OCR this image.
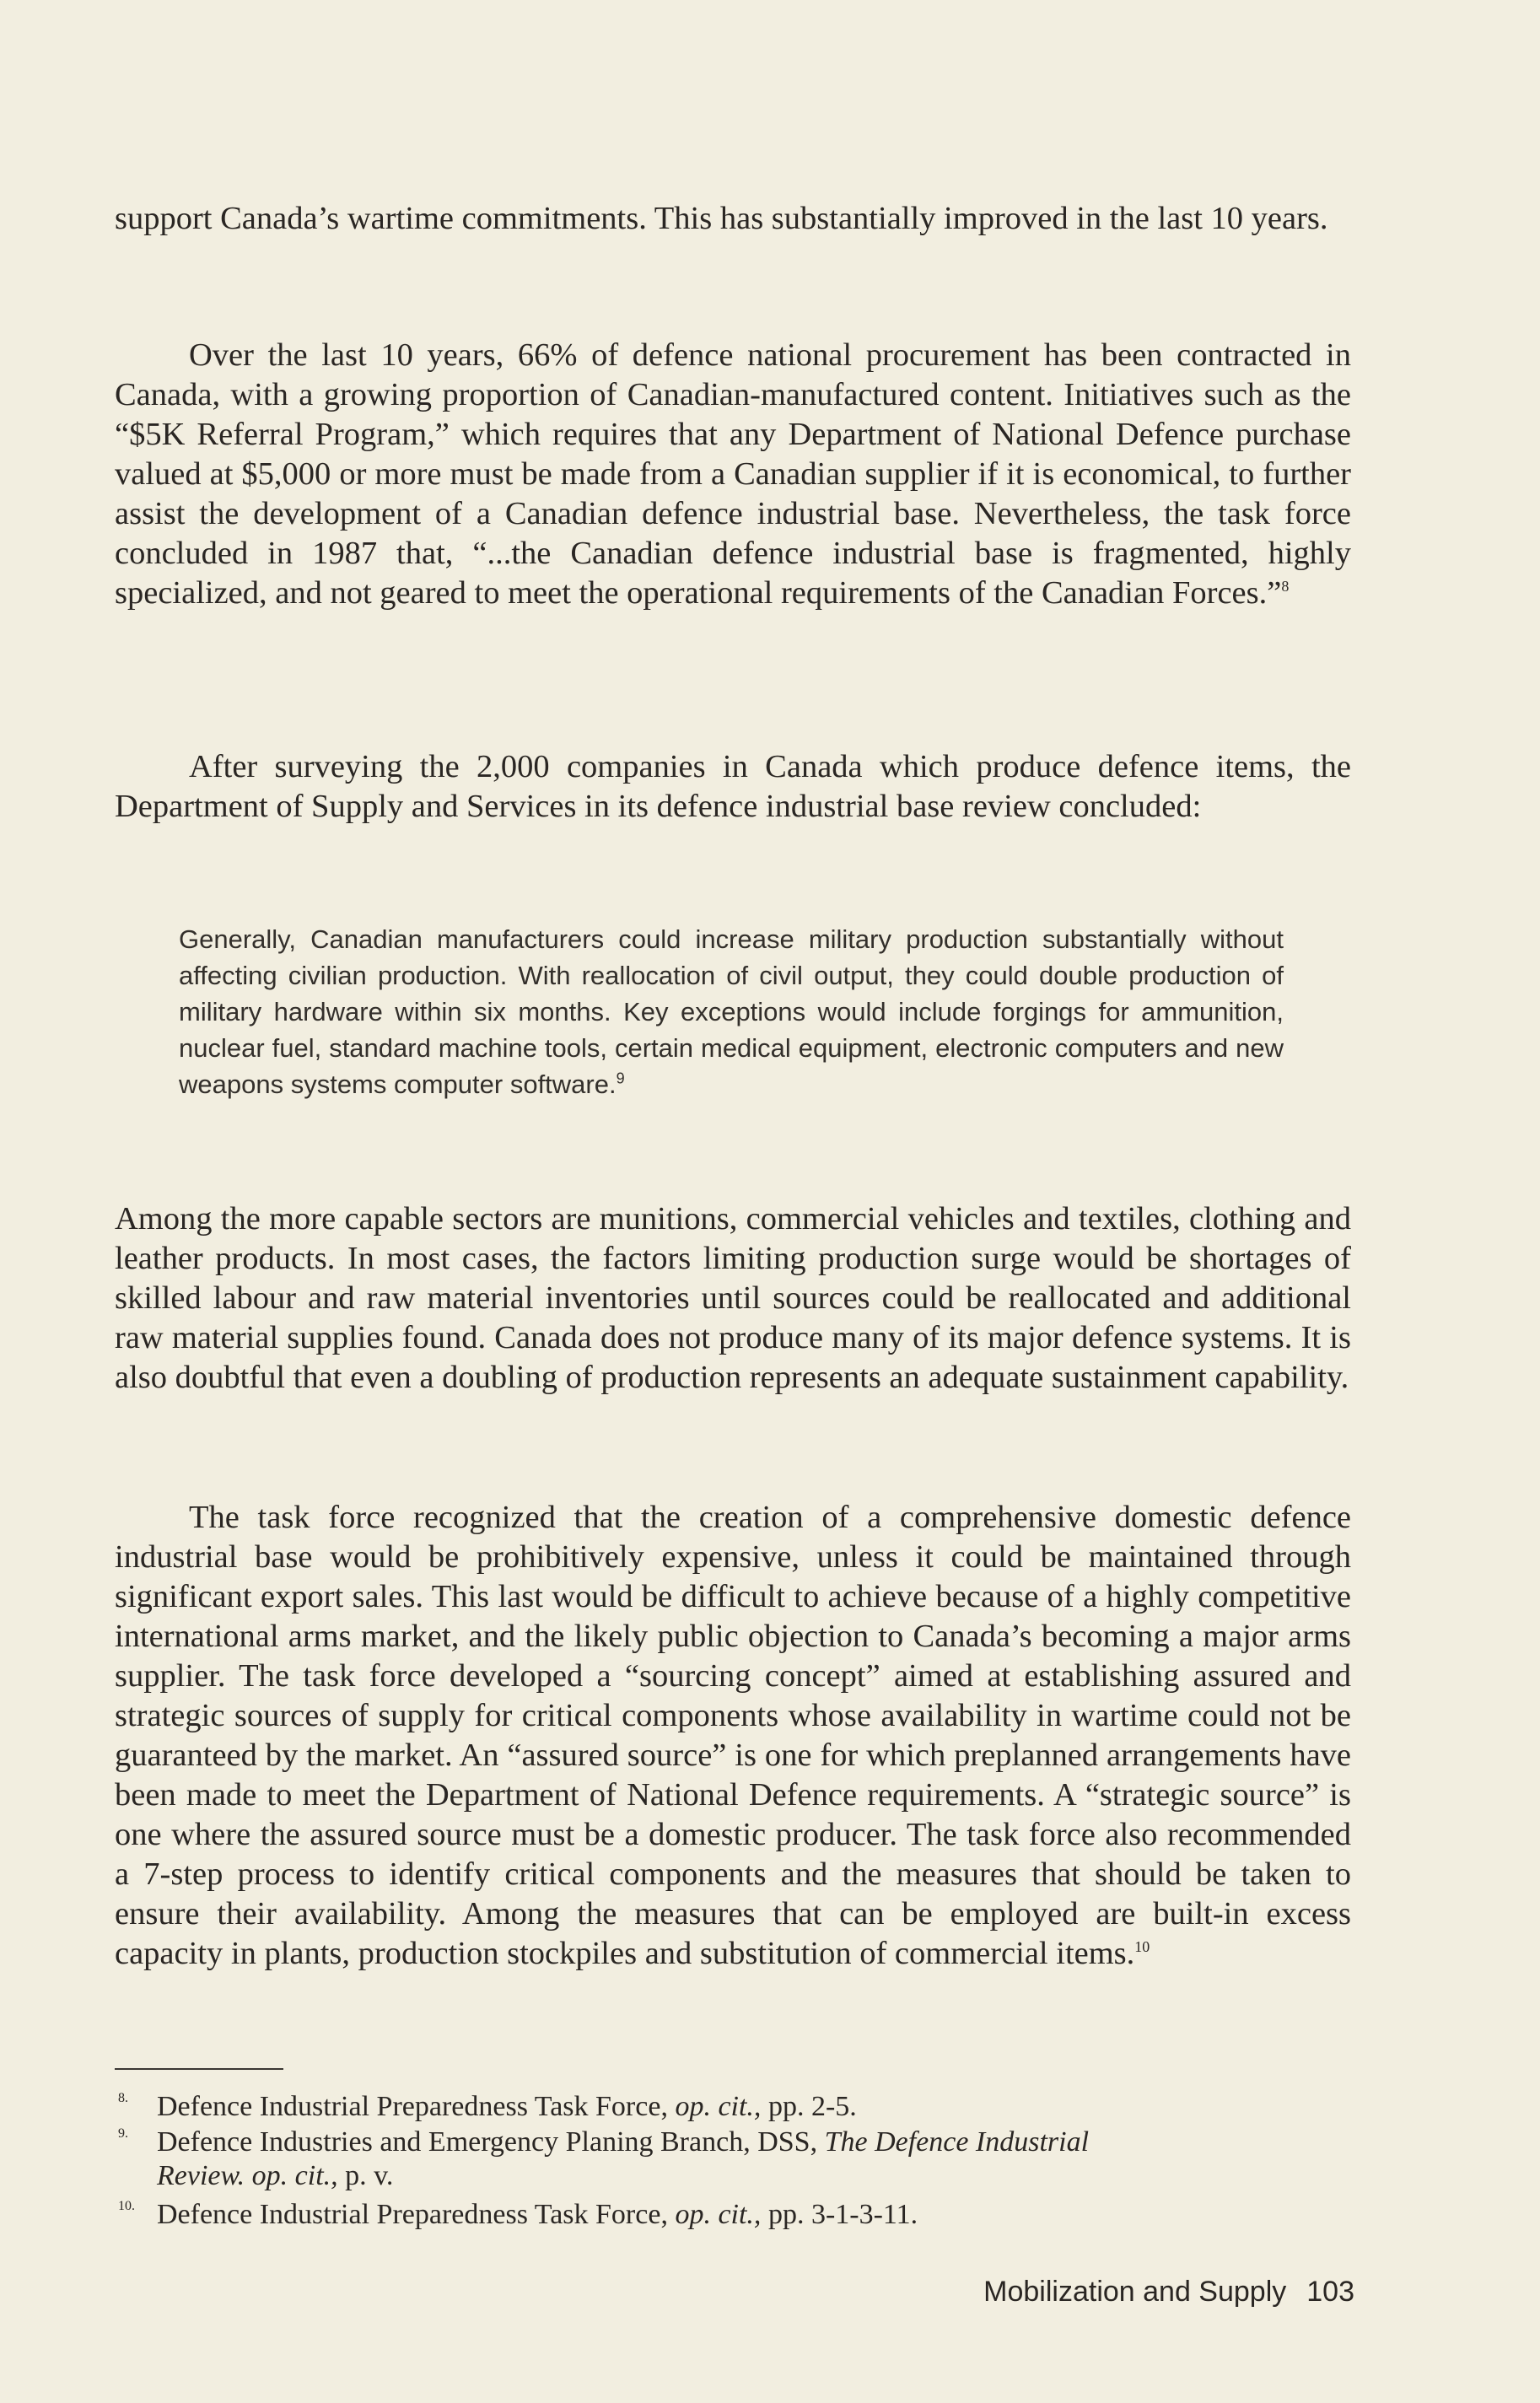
support Canada’s wartime commitments. This has substantially improved in the last 10 years.

Over the last 10 years, 66% of defence national procurement has been contracted in Canada, with a growing proportion of Canadian-manufactured content. Initiatives such as the “$5K Referral Program,” which requires that any Department of National Defence purchase valued at $5,000 or more must be made from a Canadian supplier if it is economical, to further assist the development of a Canadian defence industrial base. Nevertheless, the task force concluded in 1987 that, “...the Canadian defence industrial base is fragmented, highly specialized, and not geared to meet the operational requirements of the Canadian Forces.”$^8$

After surveying the 2,000 companies in Canada which produce defence items, the Department of Supply and Services in its defence industrial base review concluded:

Generally, Canadian manufacturers could increase military production substantially without affecting civilian production. With reallocation of civil output, they could double production of military hardware within six months. Key exceptions would include forgings for ammunition, nuclear fuel, standard machine tools, certain medical equipment, electronic computers and new weapons systems computer software.$^9$

Among the more capable sectors are munitions, commercial vehicles and textiles, clothing and leather products. In most cases, the factors limiting production surge would be shortages of skilled labour and raw material inventories until sources could be reallocated and additional raw material supplies found. Canada does not produce many of its major defence systems. It is also doubtful that even a doubling of production represents an adequate sustainment capability.

The task force recognized that the creation of a comprehensive domestic defence industrial base would be prohibitively expensive, unless it could be maintained through significant export sales. This last would be difficult to achieve because of a highly competitive international arms market, and the likely public objection to Canada’s becoming a major arms supplier. The task force developed a “sourcing concept” aimed at establishing assured and strategic sources of supply for critical components whose availability in wartime could not be guaranteed by the market. An “assured source” is one for which preplanned arrangements have been made to meet the Department of National Defence requirements. A “strategic source” is one where the assured source must be a domestic producer. The task force also recommended a 7-step process to identify critical components and the measures that should be taken to ensure their availability. Among the measures that can be employed are built-in excess capacity in plants, production stockpiles and substitution of commercial items.$^{10}$

8. Defence Industrial Preparedness Task Force, op. cit., pp. 2-5.
9. Defence Industries and Emergency Planing Branch, DSS, The Defence Industrial
Review. op. cit., p. v.
10. Defence Industrial Preparedness Task Force, op. cit., pp. 3-1-3-11.
Mobilization and Supply 103
